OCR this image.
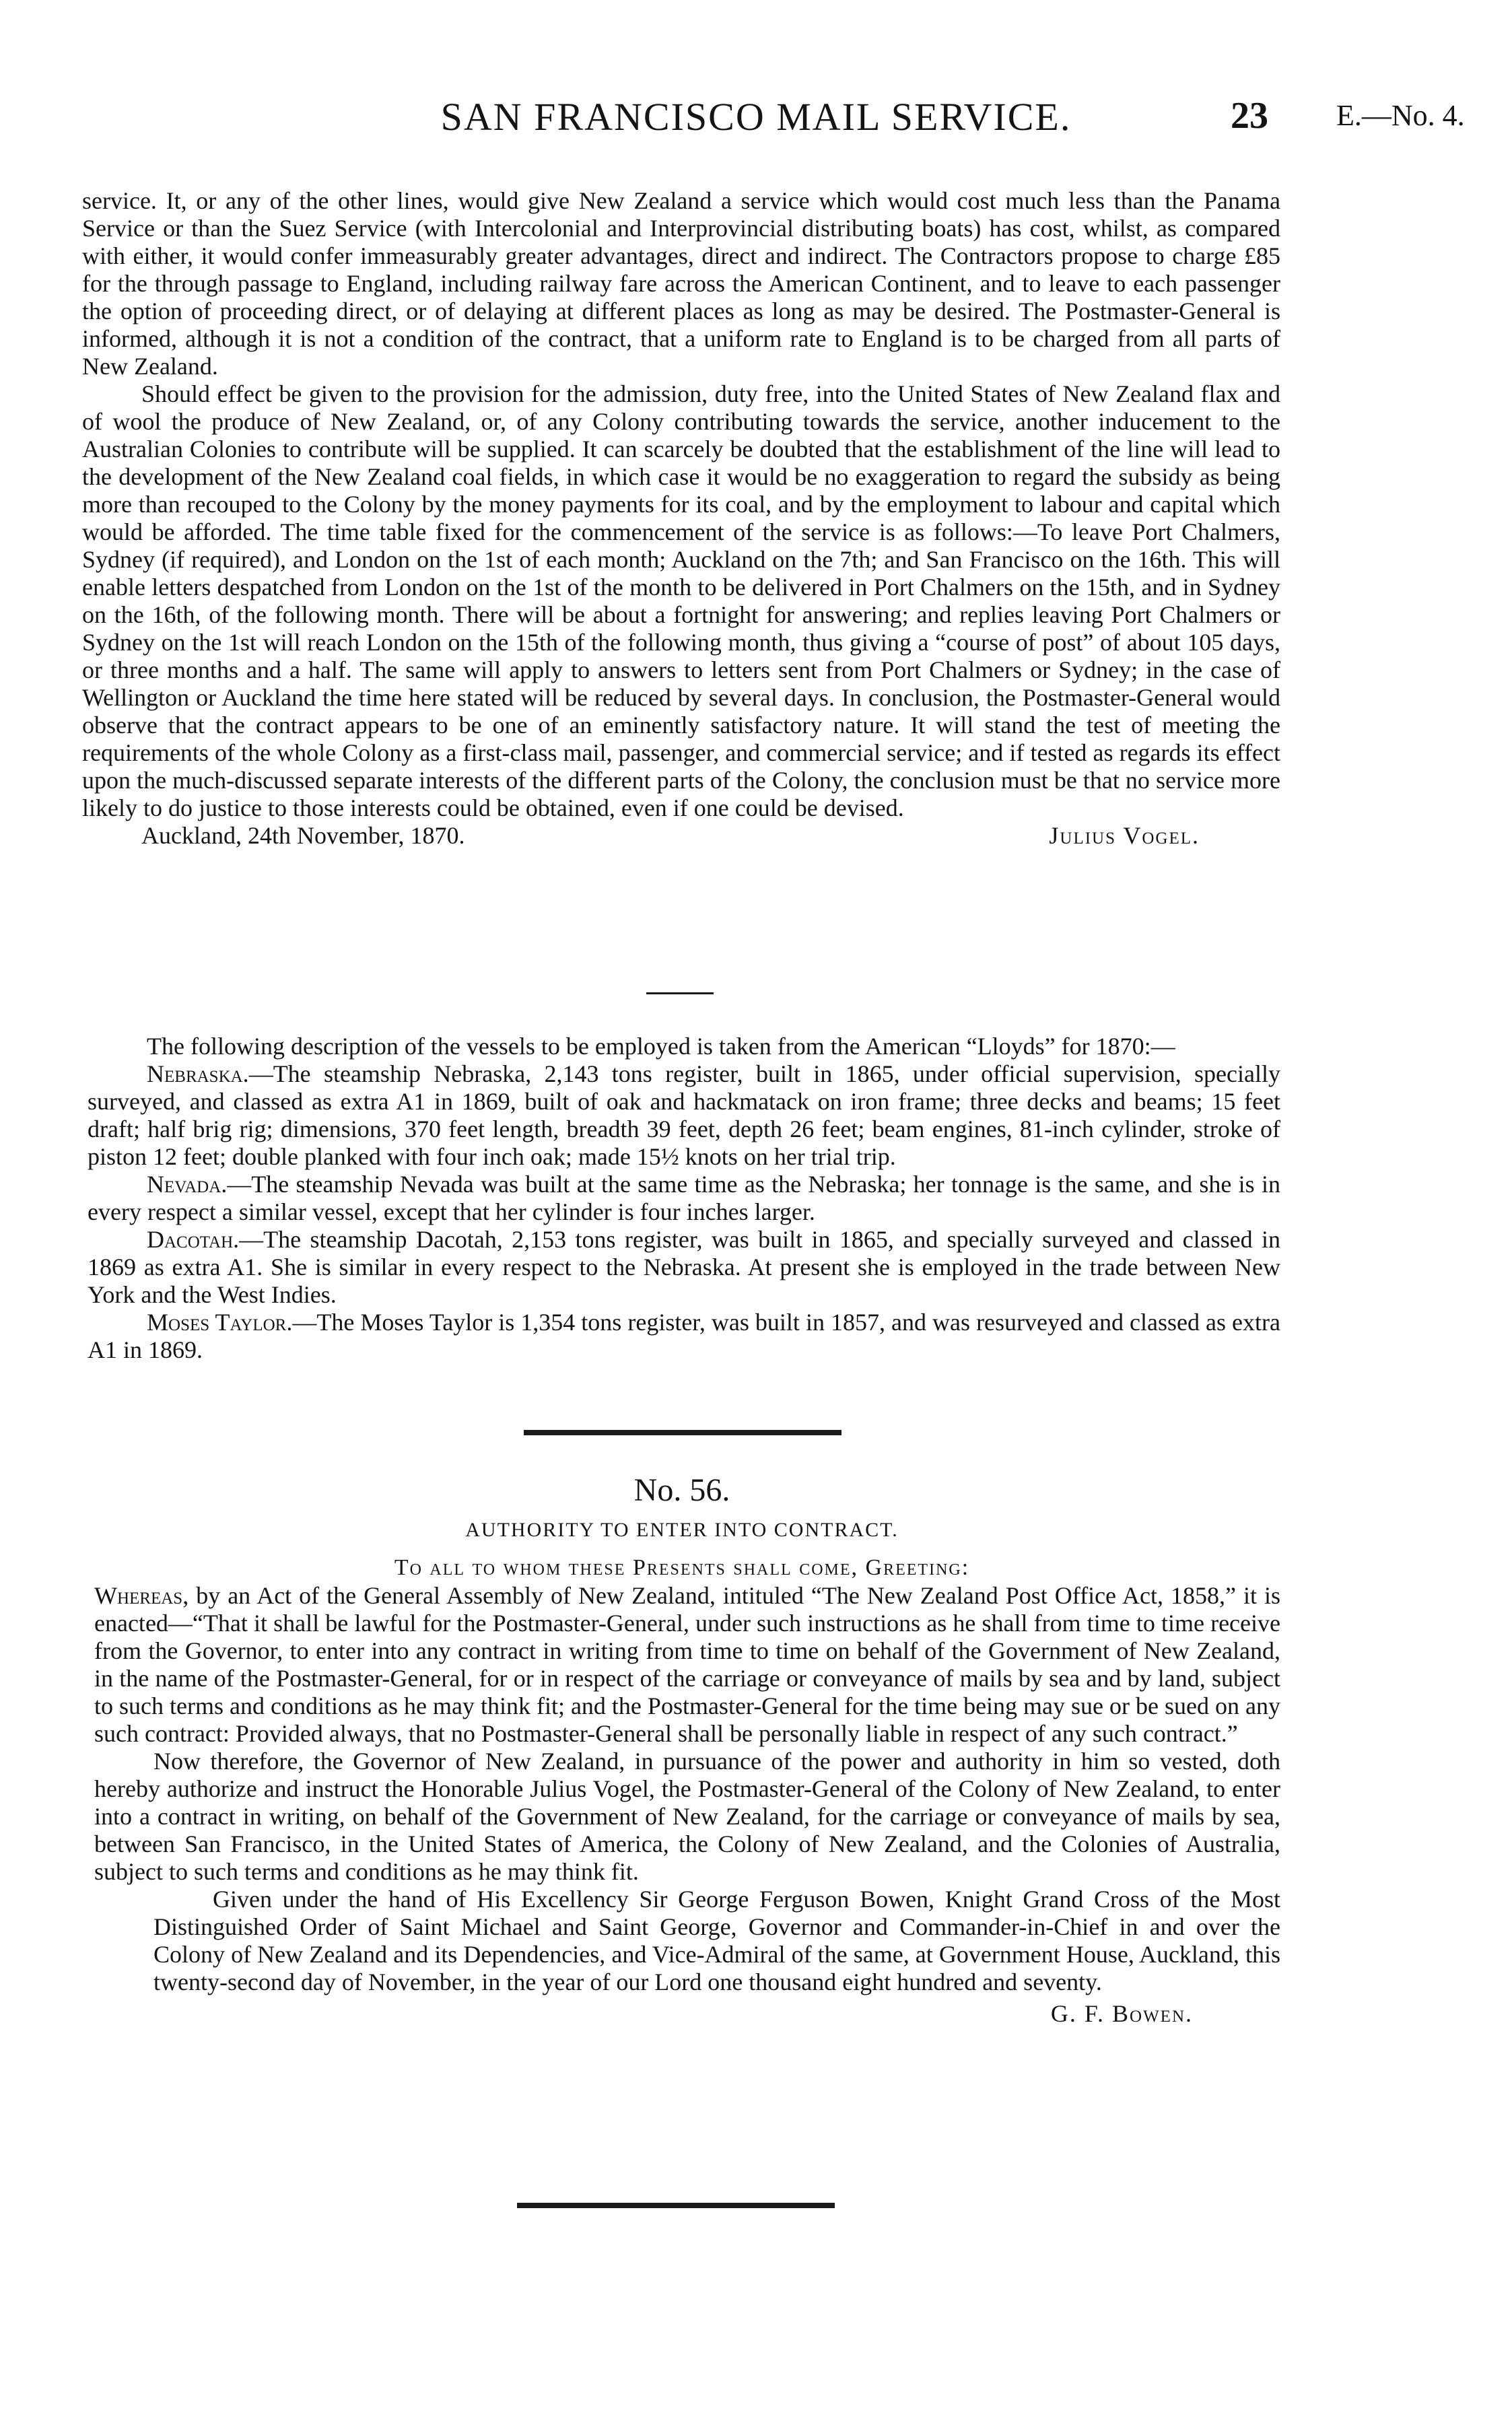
SAN FRANCISCO MAIL SERVICE.	23 E.—No. 4.

service. It, or any of the other lines, would give New Zealand a service which would cost much less than the Panama Service or than the Suez Service (with Intercolonial and Interprovincial distributing boats) has cost, whilst, as compared with either, it would confer immeasurably greater advantages, direct and indirect. The Contractors propose to charge £85 for the through passage to England, including railway fare across the American Continent, and to leave to each passenger the option of proceeding direct, or of delaying at different places as long as may be desired. The Postmaster-General is informed, although it is not a condition of the contract, that a uniform rate to England is to be charged from all parts of New Zealand.

Should effect be given to the provision for the admission, duty free, into the United States of New Zealand flax and of wool the produce of New Zealand, or, of any Colony contributing towards the service, another inducement to the Australian Colonies to contribute will be supplied. It can scarcely be doubted that the establishment of the line will lead to the development of the New Zealand coal fields, in which case it would be no exaggeration to regard the subsidy as being more than recouped to the Colony by the money payments for its coal, and by the employment to labour and capital which would be afforded. The time table fixed for the commencement of the service is as follows:—To leave Port Chalmers, Sydney (if required), and London on the 1st of each month; Auckland on the 7th; and San Francisco on the 16th. This will enable letters despatched from London on the 1st of the month to be delivered in Port Chalmers on the 15th, and in Sydney on the 16th, of the following month. There will be about a fortnight for answering; and replies leaving Port Chalmers or Sydney on the 1st will reach London on the 15th of the following month, thus giving a “course of post” of about 105 days, or three months and a half. The same will apply to answers to letters sent from Port Chalmers or Sydney; in the case of Wellington or Auckland the time here stated will be reduced by several days. In conclusion, the Postmaster-General would observe that the contract appears to be one of an eminently satisfactory nature. It will stand the test of meeting the requirements of the whole Colony as a first-class mail, passenger, and commercial service; and if tested as regards its effect upon the much-discussed separate interests of the different parts of the Colony, the conclusion must be that no service more likely to do justice to those interests could be obtained, even if one could be devised.

Auckland, 24th November, 1870.	Julius Vogel.

The following description of the vessels to be employed is taken from the American “Lloyds” for 1870:—

Nebraska.—The steamship Nebraska, 2,143 tons register, built in 1865, under official supervision, specially surveyed, and classed as extra A1 in 1869, built of oak and hackmatack on iron frame; three decks and beams; 15 feet draft; half brig rig; dimensions, 370 feet length, breadth 39 feet, depth 26 feet; beam engines, 81-inch cylinder, stroke of piston 12 feet; double planked with four inch oak; made 15½ knots on her trial trip.

Nevada.—The steamship Nevada was built at the same time as the Nebraska; her tonnage is the same, and she is in every respect a similar vessel, except that her cylinder is four inches larger.

Dacotah.—The steamship Dacotah, 2,153 tons register, was built in 1865, and specially surveyed and classed in 1869 as extra A1. She is similar in every respect to the Nebraska. At present she is employed in the trade between New York and the West Indies.

Moses Taylor.—The Moses Taylor is 1,354 tons register, was built in 1857, and was resurveyed and classed as extra A1 in 1869.

No. 56.
AUTHORITY TO ENTER INTO CONTRACT.
To all to whom these Presents shall come, Greeting:

Whereas, by an Act of the General Assembly of New Zealand, intituled “The New Zealand Post Office Act, 1858,” it is enacted—“That it shall be lawful for the Postmaster-General, under such instructions as he shall from time to time receive from the Governor, to enter into any contract in writing from time to time on behalf of the Government of New Zealand, in the name of the Postmaster-General, for or in respect of the carriage or conveyance of mails by sea and by land, subject to such terms and conditions as he may think fit; and the Postmaster-General for the time being may sue or be sued on any such contract: Provided always, that no Postmaster-General shall be personally liable in respect of any such contract.”

Now therefore, the Governor of New Zealand, in pursuance of the power and authority in him so vested, doth hereby authorize and instruct the Honorable Julius Vogel, the Postmaster-General of the Colony of New Zealand, to enter into a contract in writing, on behalf of the Government of New Zealand, for the carriage or conveyance of mails by sea, between San Francisco, in the United States of America, the Colony of New Zealand, and the Colonies of Australia, subject to such terms and conditions as he may think fit.

Given under the hand of His Excellency Sir George Ferguson Bowen, Knight Grand Cross of the Most Distinguished Order of Saint Michael and Saint George, Governor and Commander-in-Chief in and over the Colony of New Zealand and its Dependencies, and Vice-Admiral of the same, at Government House, Auckland, this twenty-second day of November, in the year of our Lord one thousand eight hundred and seventy.

G. F. Bowen.
